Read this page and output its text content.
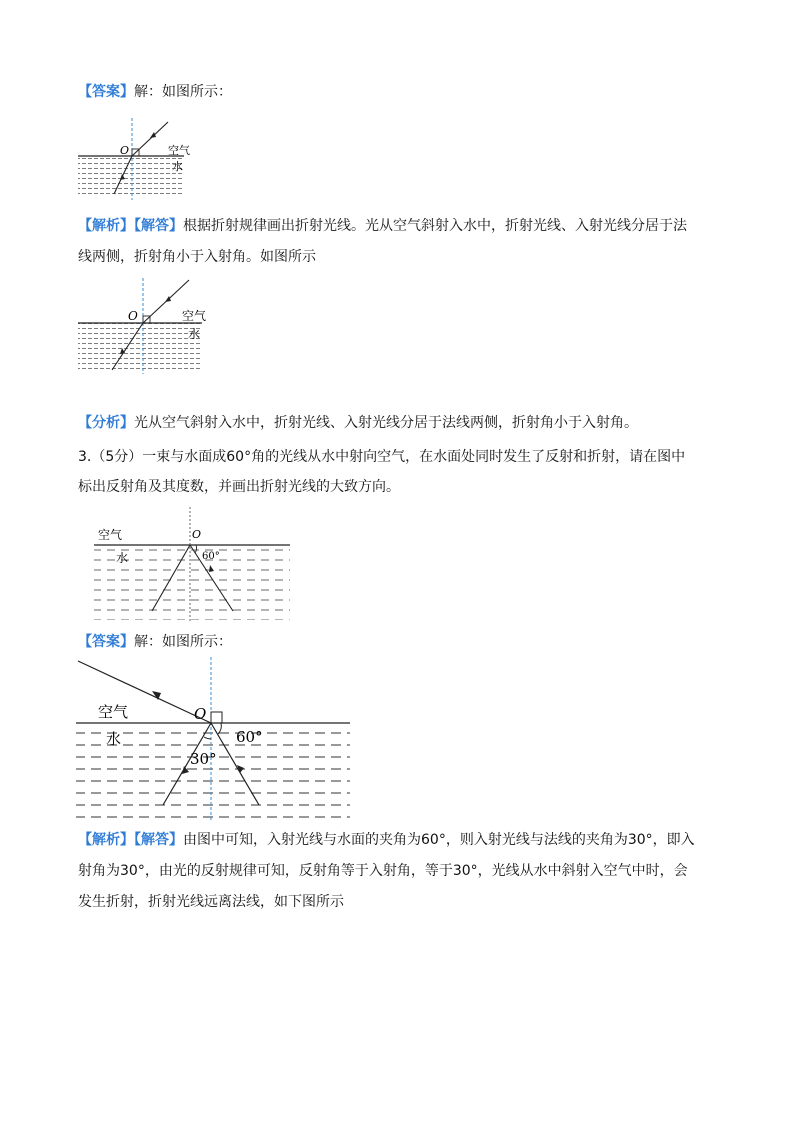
【答案】解：如图所示：
O	空气
水
【解析】【解答】根据折射规律画出折射光线。光从空气斜射入水中，折射光线、入射光线分居于法
线两侧，折射角小于入射角。如图所示
O	空气
水
【分析】光从空气斜射入水中，折射光线、入射光线分居于法线两侧，折射角小于入射角。
3.（5分）一束与水面成60°角的光线从水中射向空气，在水面处同时发生了反射和折射，请在图中
标出反射角及其度数，并画出折射光线的大致方向。
O
空气
水	60°
【答案】解：如图所示：
O
空气
水	60°
30°
【解析】【解答】由图中可知，入射光线与水面的夹角为60°，则入射光线与法线的夹角为30°，即入
射角为30°，由光的反射规律可知，反射角等于入射角，等于30°，光线从水中斜射入空气中时，会
发生折射，折射光线远离法线，如下图所示
